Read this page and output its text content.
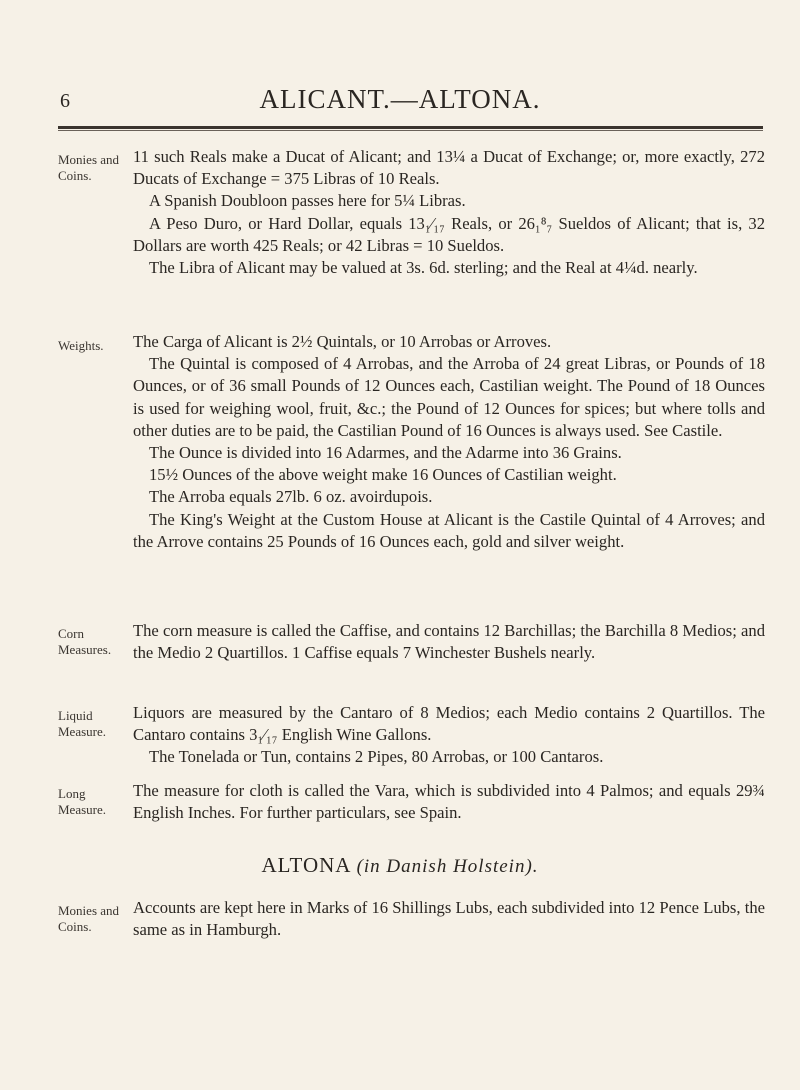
6	ALICANT.—ALTONA.
Monies and Coins.

11 such Reals make a Ducat of Alicant; and 13¼ a Ducat of Exchange; or, more exactly, 272 Ducats of Exchange = 375 Libras of 10 Reals.

A Spanish Doubloon passes here for 5¼ Libras.

A Peso Duro, or Hard Dollar, equals 13₁⁄₁₇ Reals, or 26₁⁸₇ Sueldos of Alicant; that is, 32 Dollars are worth 425 Reals; or 42 Libras = 10 Sueldos.

The Libra of Alicant may be valued at 3s. 6d. sterling; and the Real at 4¼d. nearly.

Weights.	The Carga of Alicant is 2½ Quintals, or 10 Arrobas or Arroves.

The Quintal is composed of 4 Arrobas, and the Arroba of 24 great Libras, or Pounds of 18 Ounces, or of 36 small Pounds of 12 Ounces each, Castilian weight. The Pound of 18 Ounces is used for weighing wool, fruit, &c.; the Pound of 12 Ounces for spices; but where tolls and other duties are to be paid, the Castilian Pound of 16 Ounces is always used. See Castile.

The Ounce is divided into 16 Adarmes, and the Adarme into 36 Grains.

15½ Ounces of the above weight make 16 Ounces of Castilian weight.

The Arroba equals 27lb. 6 oz. avoirdupois.

The King's Weight at the Custom House at Alicant is the Castile Quintal of 4 Arroves; and the Arrove contains 25 Pounds of 16 Ounces each, gold and silver weight.

Corn Measures.

The corn measure is called the Caffise, and contains 12 Barchillas; the Barchilla 8 Medios; and the Medio 2 Quartillos. 1 Caffise equals 7 Winchester Bushels nearly.

Liquid Measure.

Liquors are measured by the Cantaro of 8 Medios; each Medio contains 2 Quartillos. The Cantaro contains 3₁⁄₁₇ English Wine Gallons.

The Tonelada or Tun, contains 2 Pipes, 80 Arrobas, or 100 Cantaros.

Long Measure.

The measure for cloth is called the Vara, which is subdivided into 4 Palmos; and equals 29¾ English Inches. For further particulars, see Spain.

ALTONA (in Danish Holstein).
Monies and Coins.

Accounts are kept here in Marks of 16 Shillings Lubs, each subdivided into 12 Pence Lubs, the same as in Hamburgh.
